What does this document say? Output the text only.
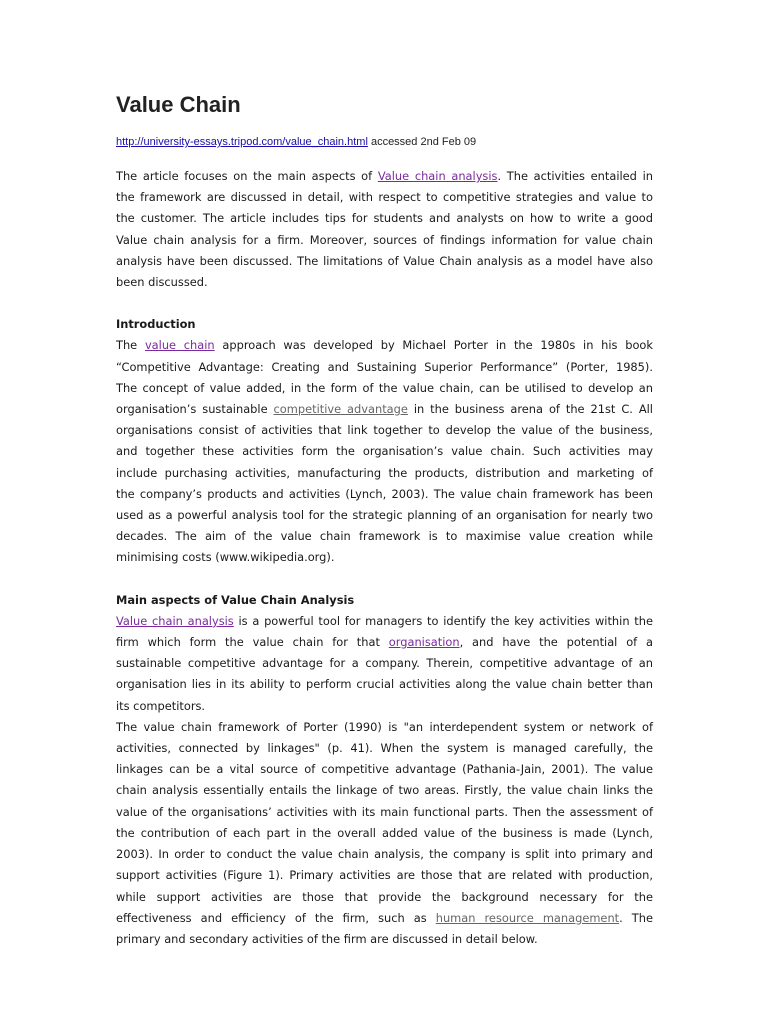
Value Chain
http://university-essays.tripod.com/value_chain.html accessed 2nd Feb 09

The article focuses on the main aspects of Value chain analysis. The activities entailed in
the framework are discussed in detail, with respect to competitive strategies and value to
the customer. The article includes tips for students and analysts on how to write a good
Value chain analysis for a firm. Moreover, sources of findings information for value chain
analysis have been discussed. The limitations of Value Chain analysis as a model have also
been discussed.

Introduction

The value chain approach was developed by Michael Porter in the 1980s in his book
“Competitive Advantage: Creating and Sustaining Superior Performance” (Porter, 1985).
The concept of value added, in the form of the value chain, can be utilised to develop an
organisation’s sustainable competitive advantage in the business arena of the 21st C. All
organisations consist of activities that link together to develop the value of the business,
and together these activities form the organisation’s value chain. Such activities may
include purchasing activities, manufacturing the products, distribution and marketing of
the company’s products and activities (Lynch, 2003). The value chain framework has been
used as a powerful analysis tool for the strategic planning of an organisation for nearly two
decades. The aim of the value chain framework is to maximise value creation while
minimising costs (www.wikipedia.org).

Main aspects of Value Chain Analysis

Value chain analysis is a powerful tool for managers to identify the key activities within the
firm which form the value chain for that organisation, and have the potential of a
sustainable competitive advantage for a company. Therein, competitive advantage of an
organisation lies in its ability to perform crucial activities along the value chain better than
its competitors.
The value chain framework of Porter (1990) is "an interdependent system or network of
activities, connected by linkages" (p. 41). When the system is managed carefully, the
linkages can be a vital source of competitive advantage (Pathania-Jain, 2001). The value
chain analysis essentially entails the linkage of two areas. Firstly, the value chain links the
value of the organisations’ activities with its main functional parts. Then the assessment of
the contribution of each part in the overall added value of the business is made (Lynch,
2003). In order to conduct the value chain analysis, the company is split into primary and
support activities (Figure 1). Primary activities are those that are related with production,
while support activities are those that provide the background necessary for the
effectiveness and efficiency of the firm, such as human resource management. The
primary and secondary activities of the firm are discussed in detail below.
